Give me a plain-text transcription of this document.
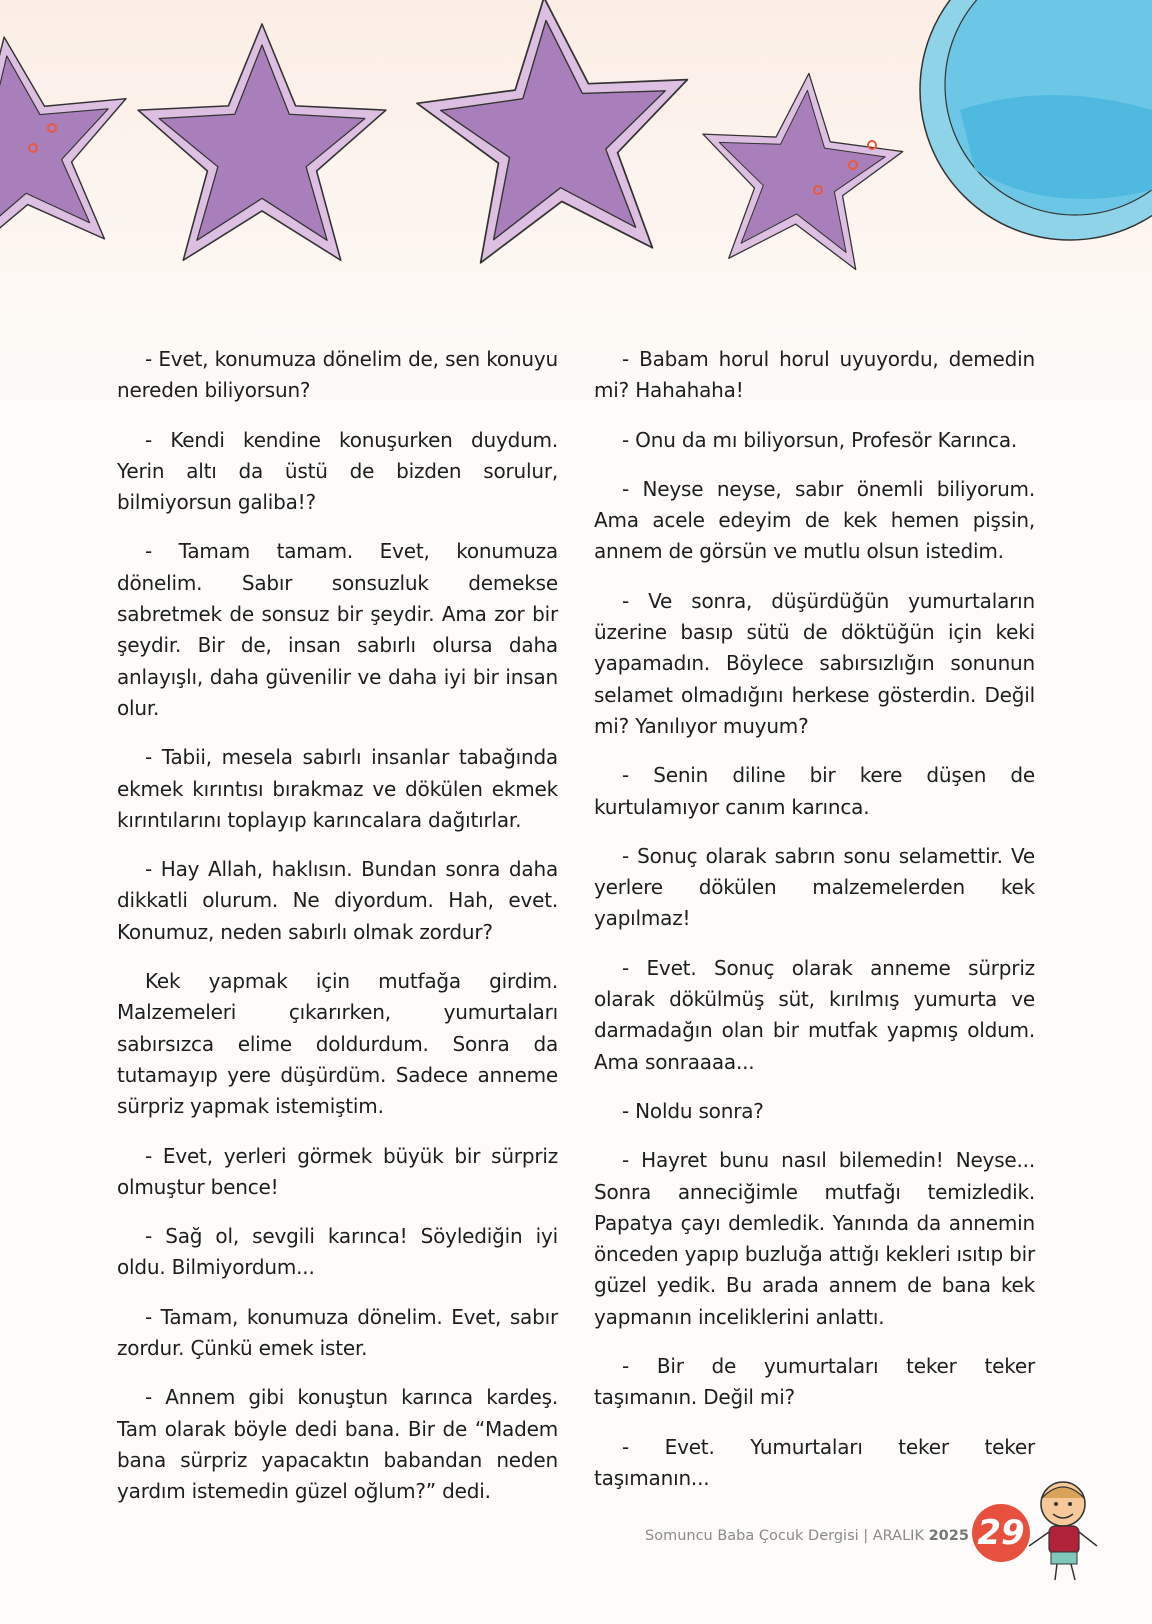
- Evet, konumuza dönelim de, sen konuyu nereden biliyorsun?

- Kendi kendine konuşurken duydum. Yerin altı da üstü de bizden sorulur, bilmiyorsun galiba!?

- Tamam tamam. Evet, konumuza dönelim. Sabır sonsuzluk demekse sabretmek de sonsuz bir şeydir. Ama zor bir şeydir. Bir de, insan sabırlı olursa daha anlayışlı, daha güvenilir ve daha iyi bir insan olur.

- Tabii, mesela sabırlı insanlar tabağında ekmek kırıntısı bırakmaz ve dökülen ekmek kırıntılarını toplayıp karıncalara dağıtırlar.

- Hay Allah, haklısın. Bundan sonra daha dikkatli olurum. Ne diyordum. Hah, evet. Konumuz, neden sabırlı olmak zordur?

Kek yapmak için mutfağa girdim. Malzemeleri çıkarırken, yumurtaları sabırsızca elime doldurdum. Sonra da tutamayıp yere düşürdüm. Sadece anneme sürpriz yapmak istemiştim.

- Evet, yerleri görmek büyük bir sürpriz olmuştur bence!

- Sağ ol, sevgili karınca! Söylediğin iyi oldu. Bilmiyordum...

- Tamam, konumuza dönelim. Evet, sabır zordur. Çünkü emek ister.

- Annem gibi konuştun karınca kardeş. Tam olarak böyle dedi bana. Bir de “Madem bana sürpriz yapacaktın babandan neden yardım istemedin güzel oğlum?” dedi.

- Babam horul horul uyuyordu, demedin mi? Hahahaha!

- Onu da mı biliyorsun, Profesör Karınca.

- Neyse neyse, sabır önemli biliyorum. Ama acele edeyim de kek hemen pişsin, annem de görsün ve mutlu olsun istedim.

- Ve sonra, düşürdüğün yumurtaların üzerine basıp sütü de döktüğün için keki yapamadın. Böylece sabırsızlığın sonunun selamet olmadığını herkese gösterdin. Değil mi? Yanılıyor muyum?

- Senin diline bir kere düşen de kurtulamıyor canım karınca.

- Sonuç olarak sabrın sonu selamettir. Ve yerlere dökülen malzemelerden kek yapılmaz!

- Evet. Sonuç olarak anneme sürpriz olarak dökülmüş süt, kırılmış yumurta ve darmadağın olan bir mutfak yapmış oldum. Ama sonraaaa...

- Noldu sonra?

- Hayret bunu nasıl bilemedin! Neyse... Sonra anneciğimle mutfağı temizledik. Papatya çayı demledik. Yanında da annemin önceden yapıp buzluğa attığı kekleri ısıtıp bir güzel yedik. Bu arada annem de bana kek yapmanın inceliklerini anlattı.

- Bir de yumurtaları teker teker taşımanın. Değil mi?

- Evet. Yumurtaları teker teker taşımanın...

Somuncu Baba Çocuk Dergisi | ARALIK 2025 29
